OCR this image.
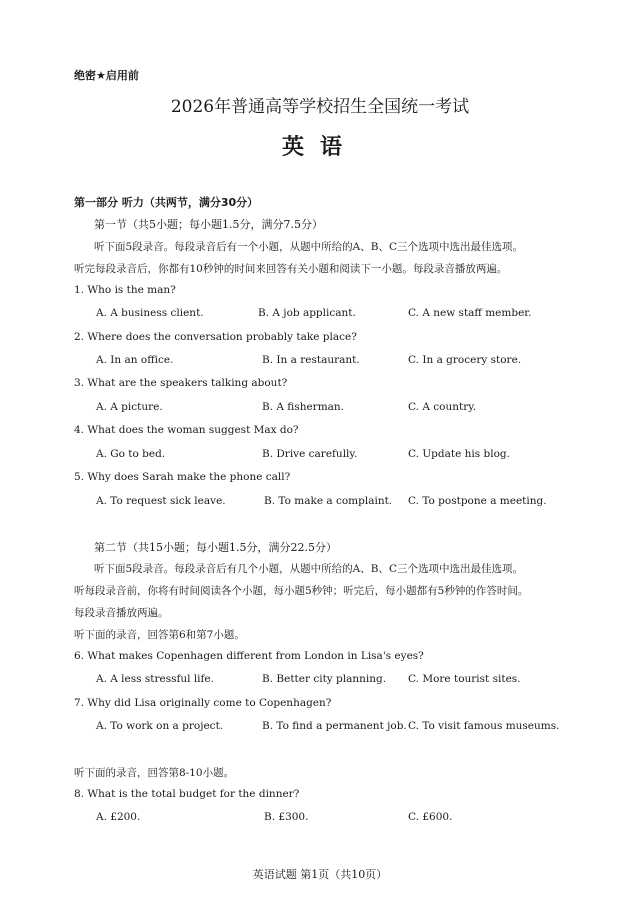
绝密★启用前
2026年普通高等学校招生全国统一考试
英语
第一部分 听力（共两节，满分30分）
第一节（共5小题；每小题1.5分，满分7.5分）
听下面5段录音。每段录音后有一个小题，从题中所给的A、B、C三个选项中选出最佳选项。
听完每段录音后，你都有10秒钟的时间来回答有关小题和阅读下一小题。每段录音播放两遍。
1. Who is the man?
A. A business client.	B. A job applicant.	C. A new staff member.
2. Where does the conversation probably take place?
A. In an office.	B. In a restaurant.	C. In a grocery store.
3. What are the speakers talking about?
A. A picture.	B. A fisherman.	C. A country.
4. What does the woman suggest Max do?
A. Go to bed.	B. Drive carefully.	C. Update his blog.
5. Why does Sarah make the phone call?
A. To request sick leave.	B. To make a complaint. C. To postpone a meeting.
第二节（共15小题；每小题1.5分，满分22.5分）
听下面5段录音。每段录音后有几个小题，从题中所给的A、B、C三个选项中选出最佳选项。
听每段录音前，你将有时间阅读各个小题，每小题5秒钟；听完后，每小题都有5秒钟的作答时间。
每段录音播放两遍。
听下面的录音，回答第6和第7小题。
6. What makes Copenhagen different from London in Lisa's eyes?
A. A less stressful life.	B. Better city planning. C. More tourist sites.
7. Why did Lisa originally come to Copenhagen?
A. To work on a project.	B. To find a permanent job. C. To visit famous museums.
听下面的录音，回答第8-10小题。
8. What is the total budget for the dinner?
A. £200.	B. £300.	C. £600.
英语试题 第1页（共10页）
